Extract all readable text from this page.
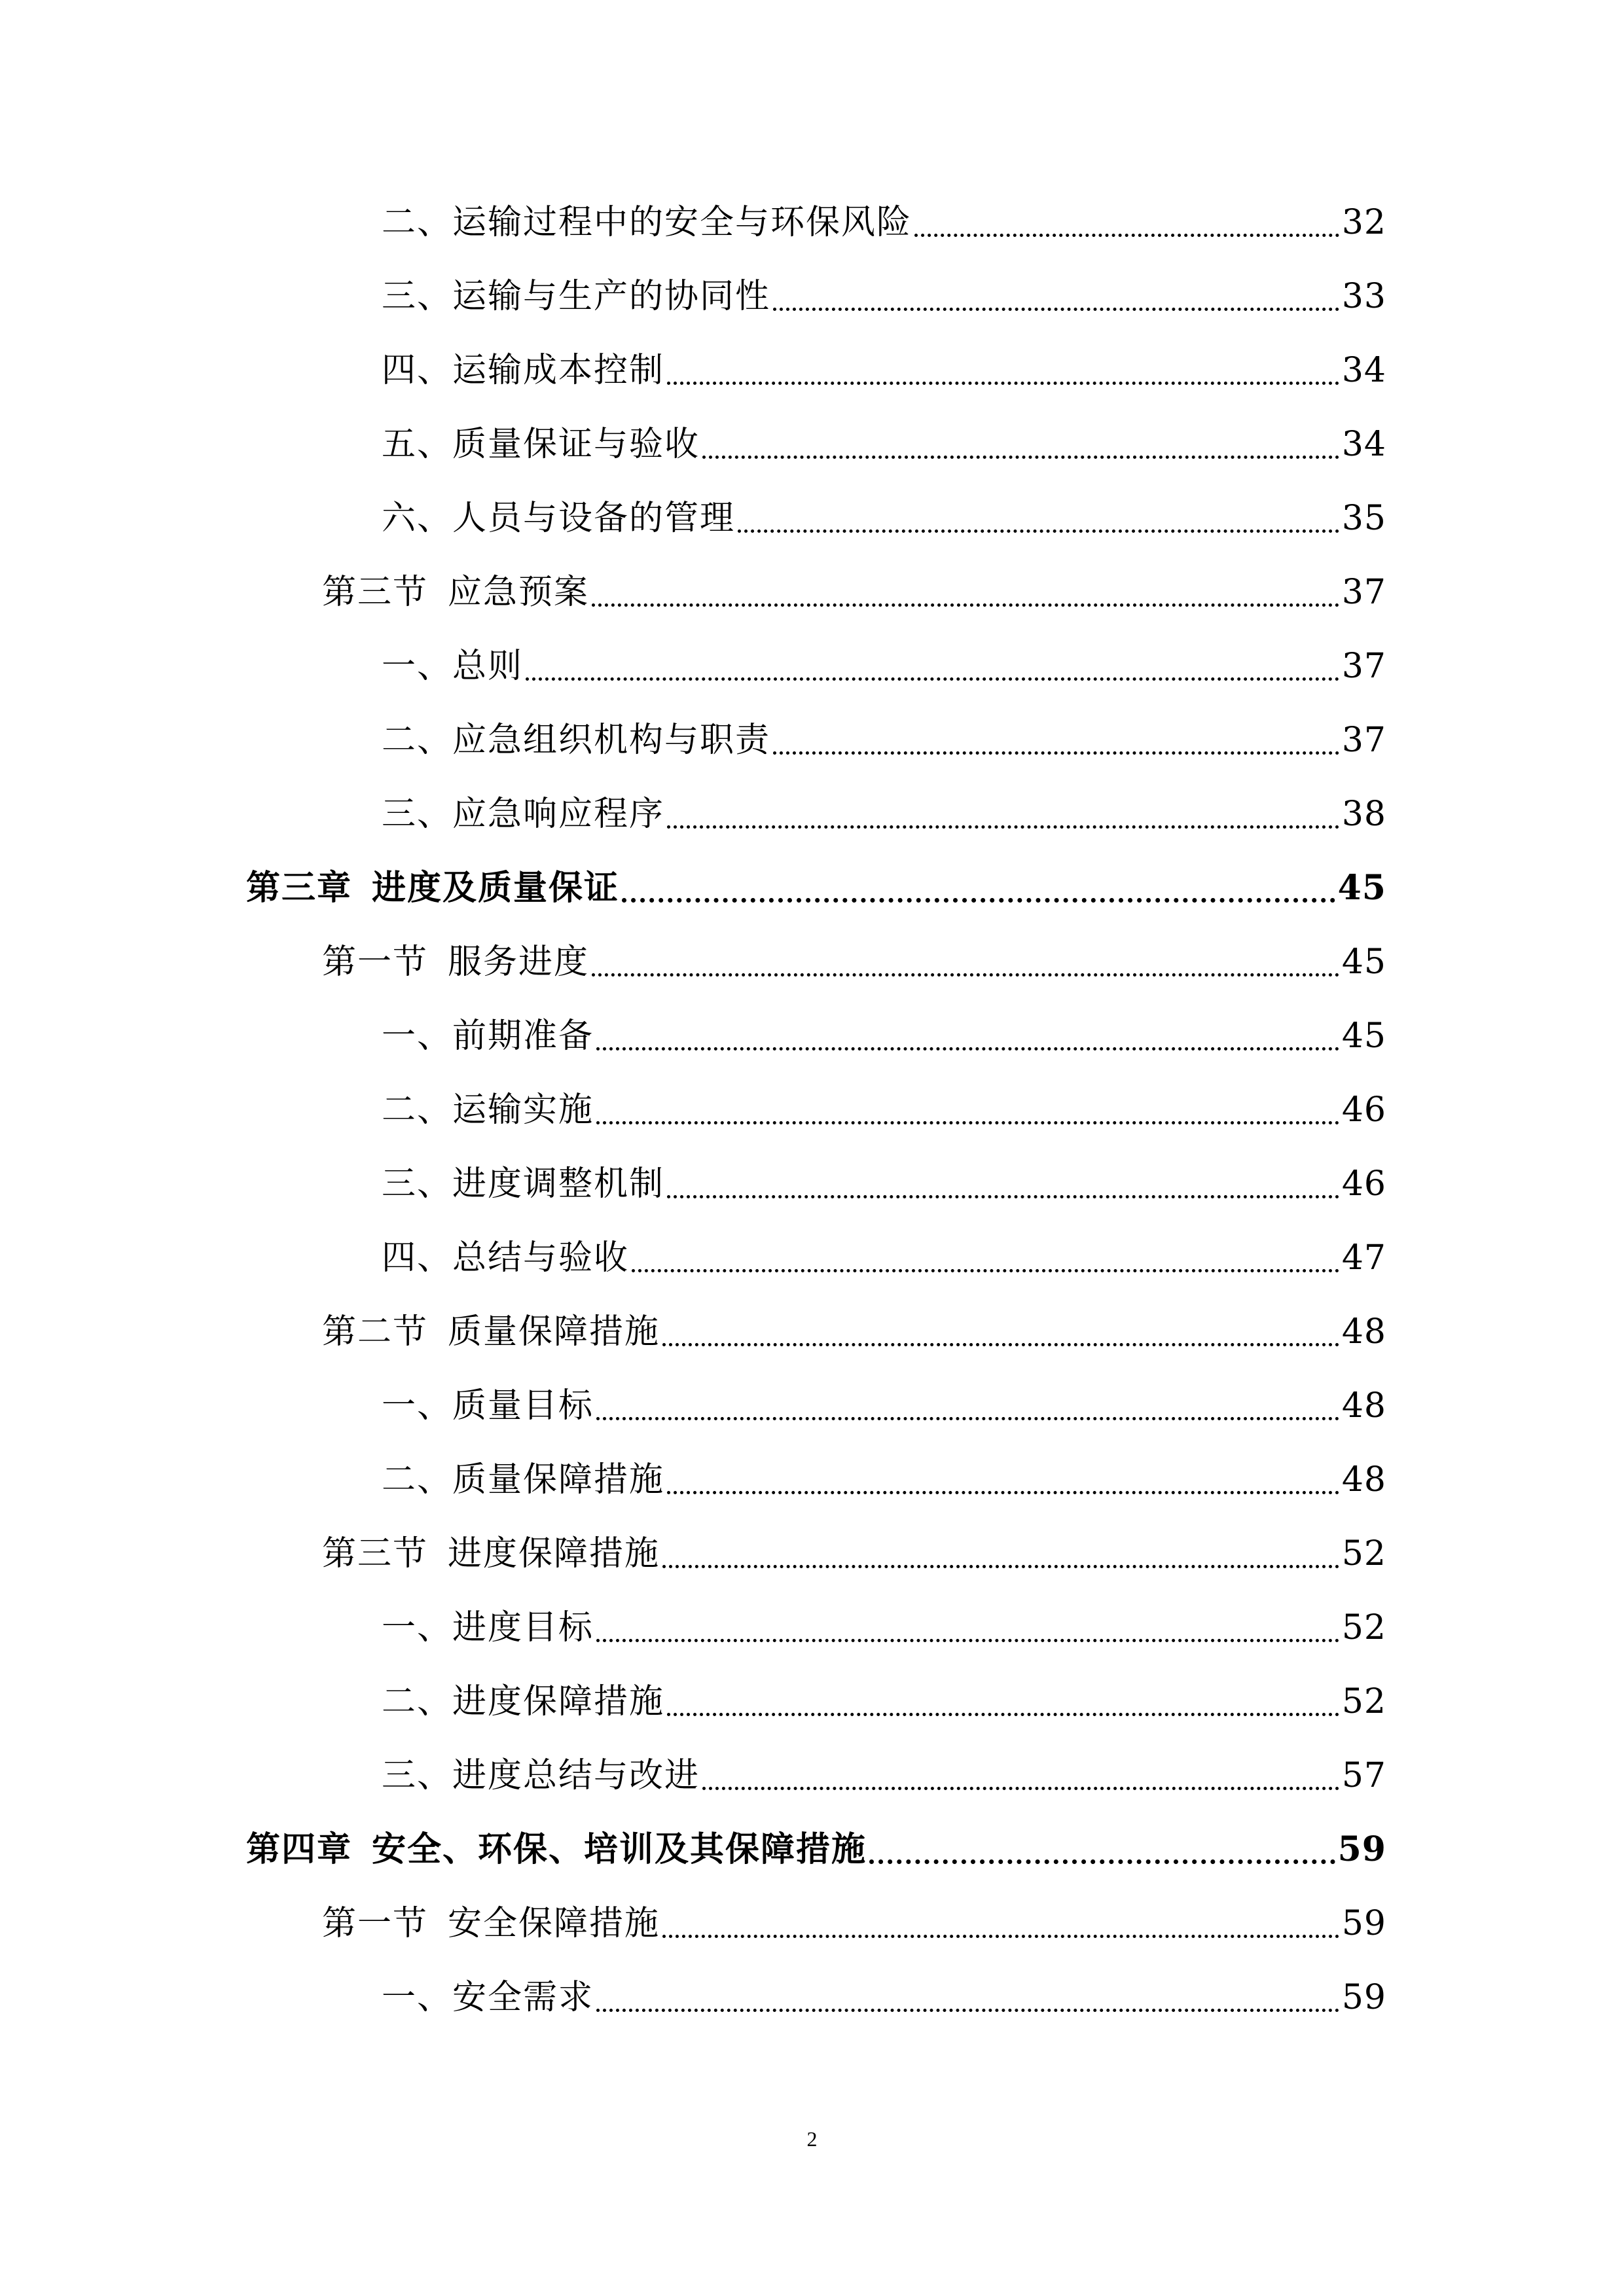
二、运输过程中的安全与环保风险	32
三、运输与生产的协同性	33
四、运输成本控制	34
五、质量保证与验收	34
六、人员与设备的管理	35
第三节 应急预案	37
一、总则	37
二、应急组织机构与职责	37
三、应急响应程序	38
第三章 进度及质量保证	45
第一节 服务进度	45
一、前期准备	45
二、运输实施	46
三、进度调整机制	46
四、总结与验收	47
第二节 质量保障措施	48
一、质量目标	48
二、质量保障措施	48
第三节 进度保障措施	52
一、进度目标	52
二、进度保障措施	52
三、进度总结与改进	57
第四章 安全、环保、培训及其保障措施	59
第一节 安全保障措施	59
一、安全需求	59
2
